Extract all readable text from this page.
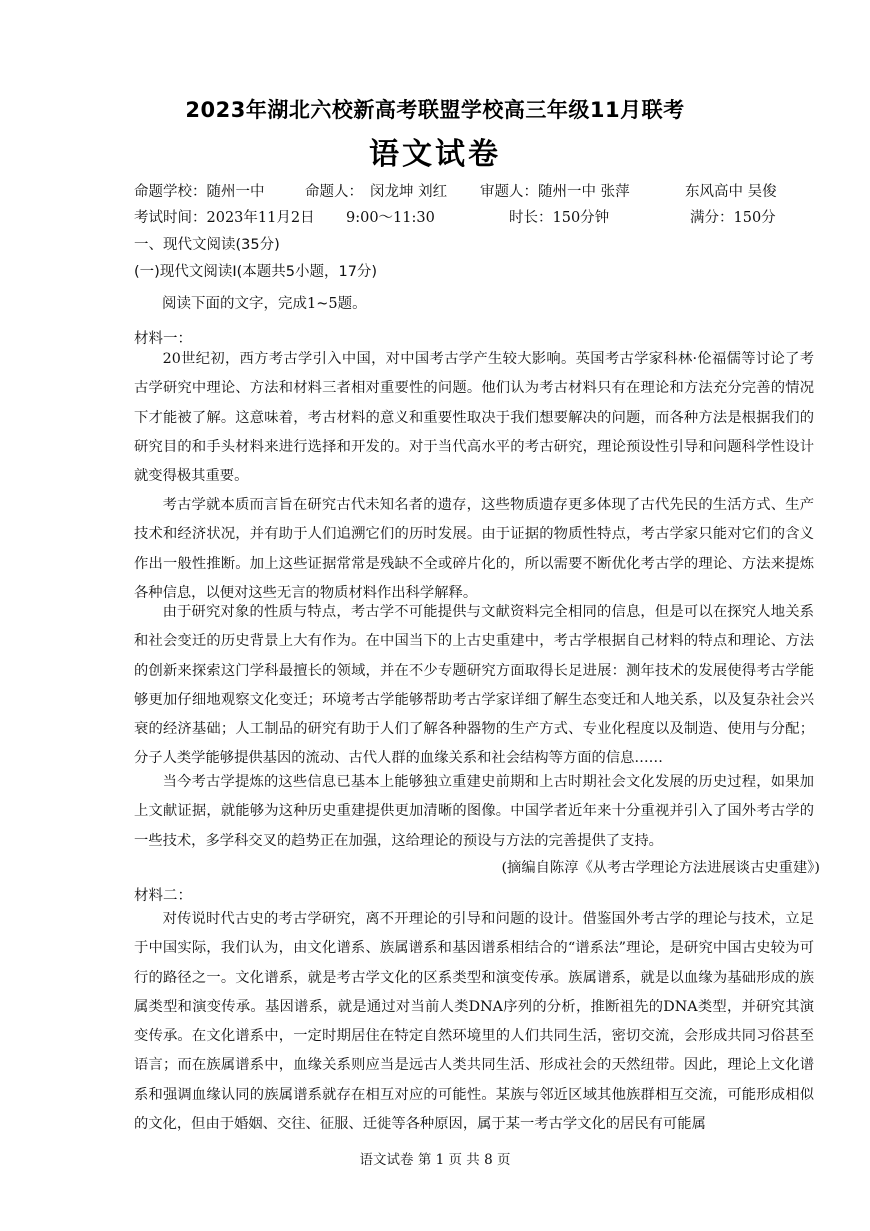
2023年湖北六校新高考联盟学校高三年级11月联考
语文试卷
命题学校：随州一中	命题人： 闵龙坤 刘红 审题人：随州一中 张萍	东风高中 吴俊
考试时间：2023年11月2日 9:00～11:30	时长：150分钟	满分：150分
一、现代文阅读(35分)
(一)现代文阅读Ⅰ(本题共5小题，17分)
阅读下面的文字，完成1~5题。
材料一：

20世纪初，西方考古学引入中国，对中国考古学产生较大影响。英国考古学家科林·伦福儒等讨论了考古学研究中理论、方法和材料三者相对重要性的问题。他们认为考古材料只有在理论和方法充分完善的情况下才能被了解。这意味着，考古材料的意义和重要性取决于我们想要解决的问题，而各种方法是根据我们的研究目的和手头材料来进行选择和开发的。对于当代高水平的考古研究，理论预设性引导和问题科学性设计就变得极其重要。

考古学就本质而言旨在研究古代未知名者的遗存，这些物质遗存更多体现了古代先民的生活方式、生产技术和经济状况，并有助于人们追溯它们的历时发展。由于证据的物质性特点，考古学家只能对它们的含义作出一般性推断。加上这些证据常常是残缺不全或碎片化的，所以需要不断优化考古学的理论、方法来提炼各种信息，以便对这些无言的物质材料作出科学解释。

由于研究对象的性质与特点，考古学不可能提供与文献资料完全相同的信息，但是可以在探究人地关系和社会变迁的历史背景上大有作为。在中国当下的上古史重建中，考古学根据自己材料的特点和理论、方法的创新来探索这门学科最擅长的领域，并在不少专题研究方面取得长足进展：测年技术的发展使得考古学能够更加仔细地观察文化变迁；环境考古学能够帮助考古学家详细了解生态变迁和人地关系，以及复杂社会兴衰的经济基础；人工制品的研究有助于人们了解各种器物的生产方式、专业化程度以及制造、使用与分配；分子人类学能够提供基因的流动、古代人群的血缘关系和社会结构等方面的信息……

当今考古学提炼的这些信息已基本上能够独立重建史前期和上古时期社会文化发展的历史过程，如果加上文献证据，就能够为这种历史重建提供更加清晰的图像。中国学者近年来十分重视并引入了国外考古学的一些技术，多学科交叉的趋势正在加强，这给理论的预设与方法的完善提供了支持。

(摘编自陈淳《从考古学理论方法进展谈古史重建》)
材料二：

对传说时代古史的考古学研究，离不开理论的引导和问题的设计。借鉴国外考古学的理论与技术，立足于中国实际，我们认为，由文化谱系、族属谱系和基因谱系相结合的“谱系法”理论，是研究中国古史较为可行的路径之一。文化谱系，就是考古学文化的区系类型和演变传承。族属谱系，就是以血缘为基础形成的族属类型和演变传承。基因谱系，就是通过对当前人类DNA序列的分析，推断祖先的DNA类型，并研究其演变传承。在文化谱系中，一定时期居住在特定自然环境里的人们共同生活，密切交流，会形成共同习俗甚至语言；而在族属谱系中，血缘关系则应当是远古人类共同生活、形成社会的天然纽带。因此，理论上文化谱系和强调血缘认同的族属谱系就存在相互对应的可能性。某族与邻近区域其他族群相互交流，可能形成相似的文化，但由于婚姻、交往、征服、迁徙等各种原因，属于某一考古学文化的居民有可能属

语文试卷 第 1 页 共 8 页
